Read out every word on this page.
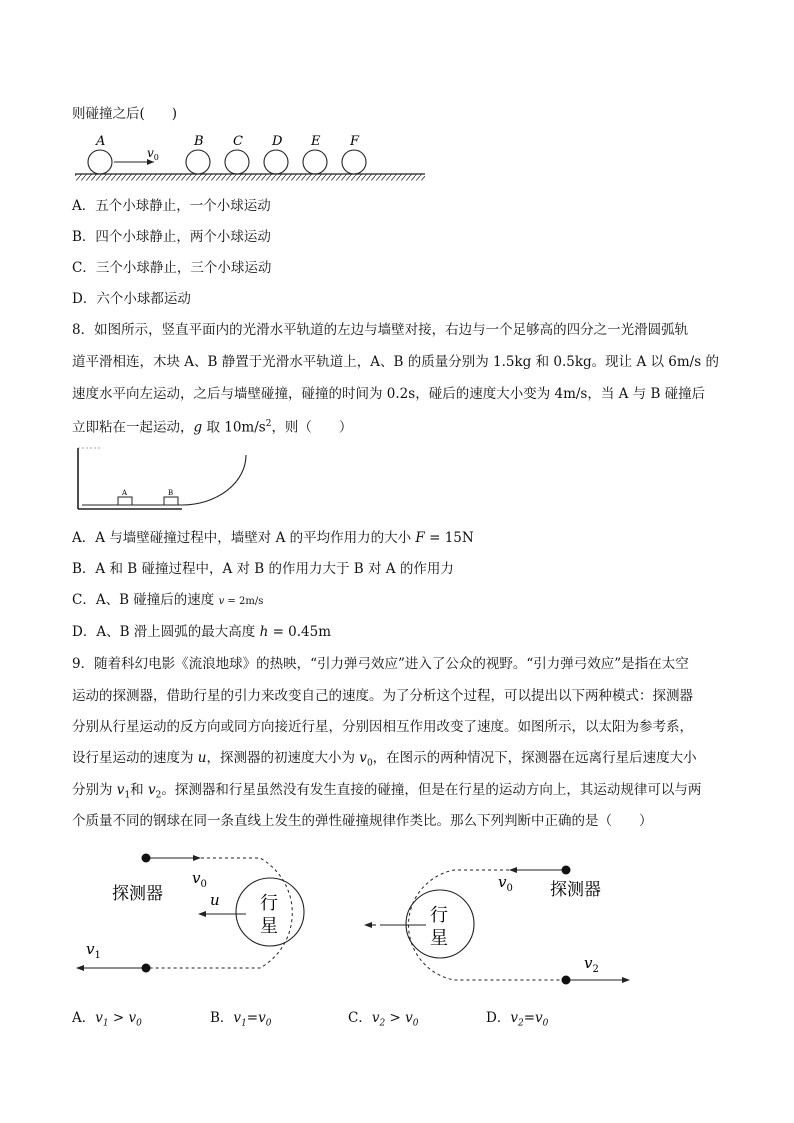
则碰撞之后(　　)
A	B C D E F
$v_0$
A．五个小球静止，一个小球运动
B．四个小球静止，两个小球运动
C．三个小球静止，三个小球运动
D．六个小球都运动
8．如图所示，竖直平面内的光滑水平轨道的左边与墙壁对接，右边与一个足够高的四分之一光滑圆弧轨
道平滑相连，木块 A、B 静置于光滑水平轨道上，A、B 的质量分别为 1.5kg 和 0.5kg。现让 A 以 6m/s 的
速度水平向左运动，之后与墙壁碰撞，碰撞的时间为 0.2s，碰后的速度大小变为 4m/s，当 A 与 B 碰撞后
立即粘在一起运动，g 取 $10m/s^2$，则（　　）
A	B
A．A 与墙壁碰撞过程中，墙壁对 A 的平均作用力的大小 F = 15N
B．A 和 B 碰撞过程中，A 对 B 的作用力大于 B 对 A 的作用力
C．A、B 碰撞后的速度 v = 2m/s
D．A、B 滑上圆弧的最大高度 h = 0.45m
9．随着科幻电影《流浪地球》的热映，“引力弹弓效应”进入了公众的视野。“引力弹弓效应”是指在太空
运动的探测器，借助行星的引力来改变自己的速度。为了分析这个过程，可以提出以下两种模式：探测器
分别从行星运动的反方向或同方向接近行星，分别因相互作用改变了速度。如图所示，以太阳为参考系，
设行星运动的速度为 u，探测器的初速度大小为 $v_0$，在图示的两种情况下，探测器在远离行星后速度大小
分别为 $v_1$和 $v_2$。探测器和行星虽然没有发生直接的碰撞，但是在行星的运动方向上，其运动规律可以与两
个质量不同的钢球在同一条直线上发生的弹性碰撞规律作类比。那么下列判断中正确的是（　　）
行
星
u
$v_0$
探测器
$v_1$
行
星
$v_0$ 探测器
$v_2$
A．$v_1 > v_0$	B．$v_1=v_0$	C．$v_2 > v_0$	D．$v_2=v_0$
